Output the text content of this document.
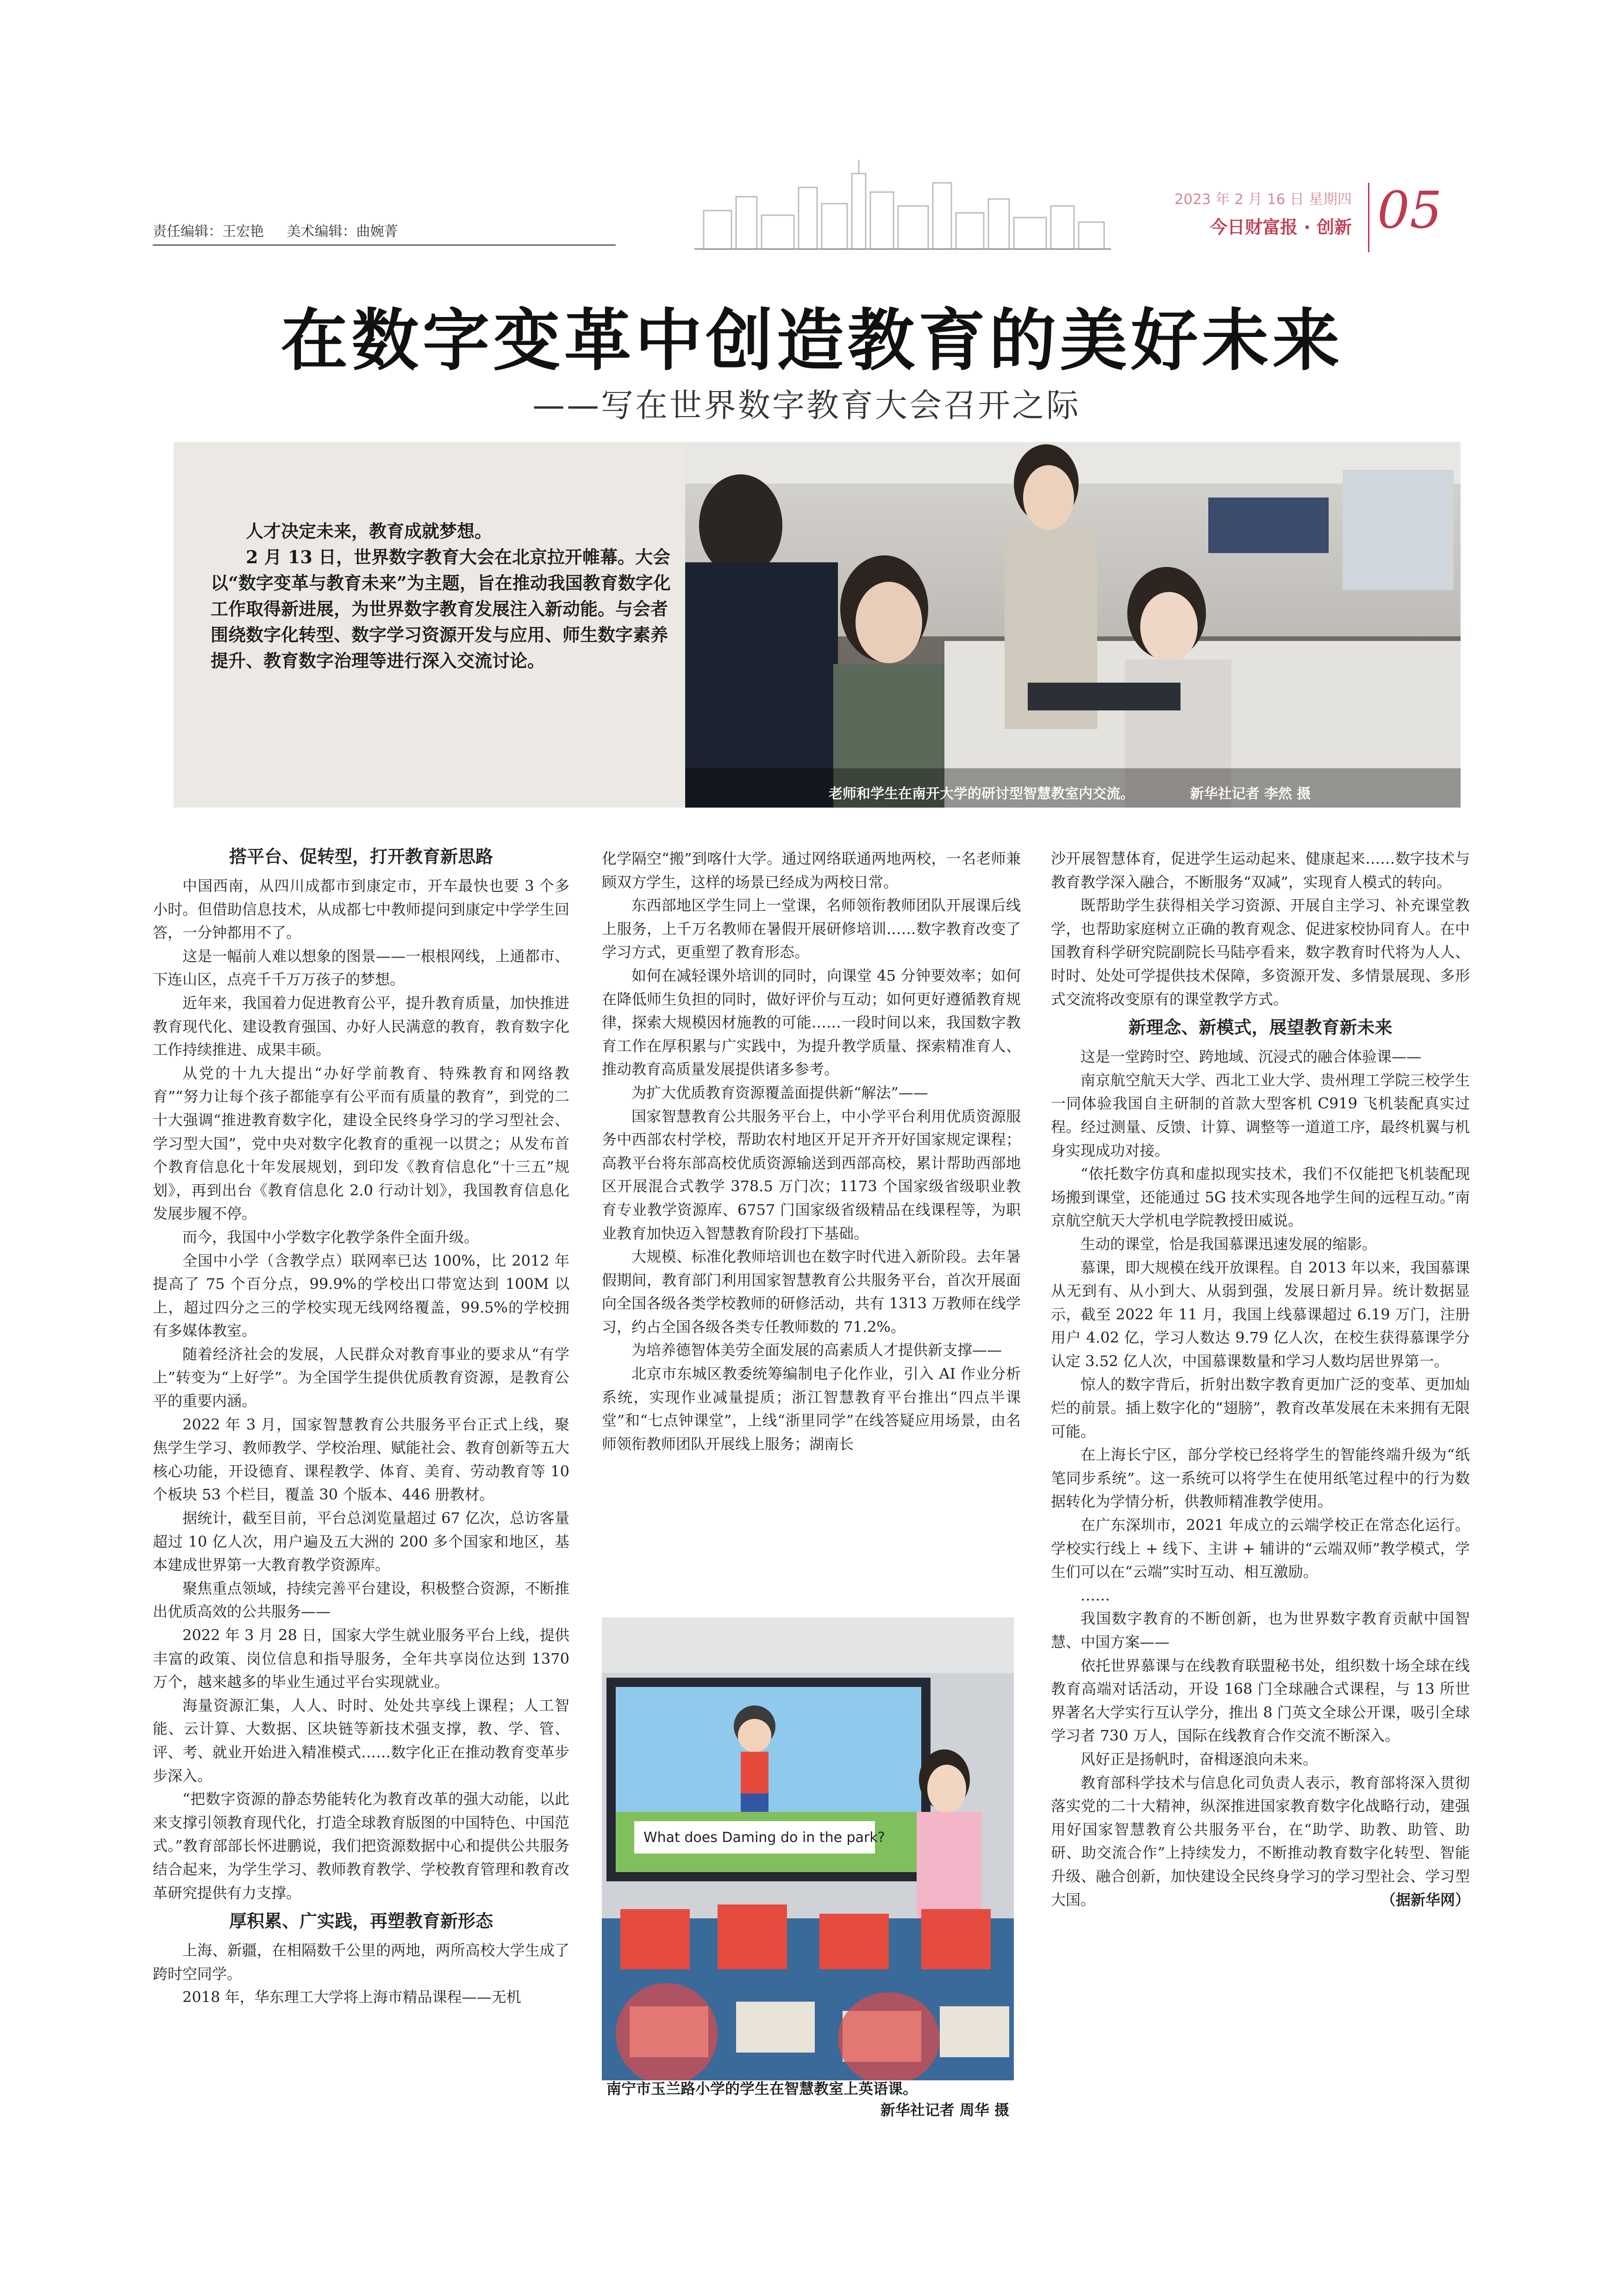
责任编辑：王宏艳 美术编辑：曲婉菁
2023 年 2 月 16 日 星期四
今日财富报 · 创新 05
在数字变革中创造教育的美好未来
——写在世界数字教育大会召开之际

人才决定未来，教育成就梦想。

2 月 13 日，世界数字教育大会在北京拉开帷幕。大会以“数字变革与教育未来”为主题，旨在推动我国教育数字化工作取得新进展，为世界数字教育发展注入新动能。与会者围绕数字化转型、数字学习资源开发与应用、师生数字素养提升、教育数字治理等进行深入交流讨论。

老师和学生在南开大学的研讨型智慧教室内交流。	新华社记者 李然 摄
搭平台、促转型，打开教育新思路

中国西南，从四川成都市到康定市，开车最快也要 3 个多小时。但借助信息技术，从成都七中教师提问到康定中学学生回答，一分钟都用不了。

这是一幅前人难以想象的图景——一根根网线，上通都市、下连山区，点亮千千万万孩子的梦想。

近年来，我国着力促进教育公平，提升教育质量，加快推进教育现代化、建设教育强国、办好人民满意的教育，教育数字化工作持续推进、成果丰硕。

从党的十九大提出“办好学前教育、特殊教育和网络教育”“努力让每个孩子都能享有公平而有质量的教育”，到党的二十大强调“推进教育数字化，建设全民终身学习的学习型社会、学习型大国”，党中央对数字化教育的重视一以贯之；从发布首个教育信息化十年发展规划，到印发《教育信息化“十三五”规划》，再到出台《教育信息化 2.0 行动计划》，我国教育信息化发展步履不停。

而今，我国中小学数字化教学条件全面升级。

全国中小学（含教学点）联网率已达 100%，比 2012 年提高了 75 个百分点，99.9%的学校出口带宽达到 100M 以上，超过四分之三的学校实现无线网络覆盖，99.5%的学校拥有多媒体教室。

随着经济社会的发展，人民群众对教育事业的要求从“有学上”转变为“上好学”。为全国学生提供优质教育资源，是教育公平的重要内涵。

2022 年 3 月，国家智慧教育公共服务平台正式上线，聚焦学生学习、教师教学、学校治理、赋能社会、教育创新等五大核心功能，开设德育、课程教学、体育、美育、劳动教育等 10 个板块 53 个栏目，覆盖 30 个版本、446 册教材。

据统计，截至目前，平台总浏览量超过 67 亿次，总访客量超过 10 亿人次，用户遍及五大洲的 200 多个国家和地区，基本建成世界第一大教育教学资源库。

聚焦重点领域，持续完善平台建设，积极整合资源，不断推出优质高效的公共服务——

2022 年 3 月 28 日，国家大学生就业服务平台上线，提供丰富的政策、岗位信息和指导服务，全年共享岗位达到 1370 万个，越来越多的毕业生通过平台实现就业。

海量资源汇集，人人、时时、处处共享线上课程；人工智能、云计算、大数据、区块链等新技术强支撑，教、学、管、评、考、就业开始进入精准模式……数字化正在推动教育变革步步深入。

“把数字资源的静态势能转化为教育改革的强大动能，以此来支撑引领教育现代化，打造全球教育版图的中国特色、中国范式。”教育部部长怀进鹏说，我们把资源数据中心和提供公共服务结合起来，为学生学习、教师教育教学、学校教育管理和教育改革研究提供有力支撑。

厚积累、广实践，再塑教育新形态

上海、新疆，在相隔数千公里的两地，两所高校大学生成了跨时空同学。

2018 年，华东理工大学将上海市精品课程——无机

化学隔空“搬”到喀什大学。通过网络联通两地两校，一名老师兼顾双方学生，这样的场景已经成为两校日常。

东西部地区学生同上一堂课，名师领衔教师团队开展课后线上服务，上千万名教师在暑假开展研修培训……数字教育改变了学习方式，更重塑了教育形态。

如何在减轻课外培训的同时，向课堂 45 分钟要效率；如何在降低师生负担的同时，做好评价与互动；如何更好遵循教育规律，探索大规模因材施教的可能……一段时间以来，我国数字教育工作在厚积累与广实践中，为提升教学质量、探索精准育人、推动教育高质量发展提供诸多参考。

为扩大优质教育资源覆盖面提供新“解法”——

国家智慧教育公共服务平台上，中小学平台利用优质资源服务中西部农村学校，帮助农村地区开足开齐开好国家规定课程；高教平台将东部高校优质资源输送到西部高校，累计帮助西部地区开展混合式教学 378.5 万门次；1173 个国家级省级职业教育专业教学资源库、6757 门国家级省级精品在线课程等，为职业教育加快迈入智慧教育阶段打下基础。

大规模、标准化教师培训也在数字时代进入新阶段。去年暑假期间，教育部门利用国家智慧教育公共服务平台，首次开展面向全国各级各类学校教师的研修活动，共有 1313 万教师在线学习，约占全国各级各类专任教师数的 71.2%。

为培养德智体美劳全面发展的高素质人才提供新支撑——

北京市东城区教委统筹编制电子化作业，引入 AI 作业分析系统，实现作业减量提质；浙江智慧教育平台推出“四点半课堂”和“七点钟课堂”，上线“浙里同学”在线答疑应用场景，由名师领衔教师团队开展线上服务；湖南长

What does Daming do in the park?
南宁市玉兰路小学的学生在智慧教室上英语课。
新华社记者 周华 摄

沙开展智慧体育，促进学生运动起来、健康起来……数字技术与教育教学深入融合，不断服务“双减”，实现育人模式的转向。

既帮助学生获得相关学习资源、开展自主学习、补充课堂教学，也帮助家庭树立正确的教育观念、促进家校协同育人。在中国教育科学研究院副院长马陆亭看来，数字教育时代将为人人、时时、处处可学提供技术保障，多资源开发、多情景展现、多形式交流将改变原有的课堂教学方式。

新理念、新模式，展望教育新未来

这是一堂跨时空、跨地域、沉浸式的融合体验课——

南京航空航天大学、西北工业大学、贵州理工学院三校学生一同体验我国自主研制的首款大型客机 C919 飞机装配真实过程。经过测量、反馈、计算、调整等一道道工序，最终机翼与机身实现成功对接。

“依托数字仿真和虚拟现实技术，我们不仅能把飞机装配现场搬到课堂，还能通过 5G 技术实现各地学生间的远程互动。”南京航空航天大学机电学院教授田威说。

生动的课堂，恰是我国慕课迅速发展的缩影。

慕课，即大规模在线开放课程。自 2013 年以来，我国慕课从无到有、从小到大、从弱到强，发展日新月异。统计数据显示，截至 2022 年 11 月，我国上线慕课超过 6.19 万门，注册用户 4.02 亿，学习人数达 9.79 亿人次，在校生获得慕课学分认定 3.52 亿人次，中国慕课数量和学习人数均居世界第一。

惊人的数字背后，折射出数字教育更加广泛的变革、更加灿烂的前景。插上数字化的“翅膀”，教育改革发展在未来拥有无限可能。

在上海长宁区，部分学校已经将学生的智能终端升级为“纸笔同步系统”。这一系统可以将学生在使用纸笔过程中的行为数据转化为学情分析，供教师精准教学使用。

在广东深圳市，2021 年成立的云端学校正在常态化运行。学校实行线上 + 线下、主讲 + 辅讲的“云端双师”教学模式，学生们可以在“云端”实时互动、相互激励。

……

我国数字教育的不断创新，也为世界数字教育贡献中国智慧、中国方案——

依托世界慕课与在线教育联盟秘书处，组织数十场全球在线教育高端对话活动，开设 168 门全球融合式课程，与 13 所世界著名大学实行互认学分，推出 8 门英文全球公开课，吸引全球学习者 730 万人，国际在线教育合作交流不断深入。

风好正是扬帆时，奋楫逐浪向未来。

教育部科学技术与信息化司负责人表示，教育部将深入贯彻落实党的二十大精神，纵深推进国家教育数字化战略行动，建强用好国家智慧教育公共服务平台，在“助学、助教、助管、助研、助交流合作”上持续发力，不断推动教育数字化转型、智能升级、融合创新，加快建设全民终身学习的学习型社会、学习型大国。	（据新华网）
